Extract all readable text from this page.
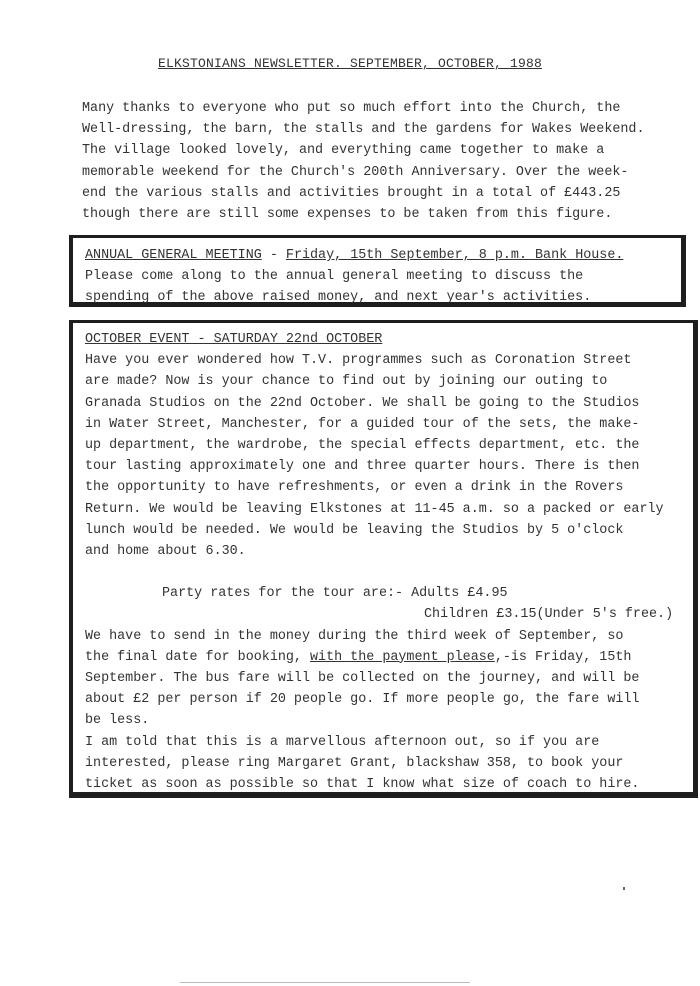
ELKSTONIANS NEWSLETTER. SEPTEMBER, OCTOBER, 1988
Many thanks to everyone who put so much effort into the Church, the
Well-dressing, the barn, the stalls and the gardens for Wakes Weekend.
The village looked lovely, and everything came together to make a
memorable weekend for the Church's 200th Anniversary. Over the week-
end the various stalls and activities brought in a total of £443.25
though there are still some expenses to be taken from this figure.
ANNUAL GENERAL MEETING - Friday, 15th September, 8 p.m. Bank House.
Please come along to the annual general meeting to discuss the
spending of the above raised money, and next year's activities.
OCTOBER EVENT - SATURDAY 22nd OCTOBER
Have you ever wondered how T.V. programmes such as Coronation Street
are made? Now is your chance to find out by joining our outing to
Granada Studios on the 22nd October. We shall be going to the Studios
in Water Street, Manchester, for a guided tour of the sets, the make-
up department, the wardrobe, the special effects department, etc. the
tour lasting approximately one and three quarter hours. There is then
the opportunity to have refreshments, or even a drink in the Rovers
Return. We would be leaving Elkstones at 11-45 a.m. so a packed or early
lunch would be needed. We would be leaving the Studios by 5 o'clock
and home about 6.30.
Party rates for the tour are:- Adults £4.95
Children £3.15(Under 5's free.)
We have to send in the money during the third week of September, so
the final date for booking, with the payment please,-is Friday, 15th
September. The bus fare will be collected on the journey, and will be
about £2 per person if 20 people go. If more people go, the fare will
be less.
I am told that this is a marvellous afternoon out, so if you are
interested, please ring Margaret Grant, blackshaw 358, to book your
ticket as soon as possible so that I know what size of coach to hire.
